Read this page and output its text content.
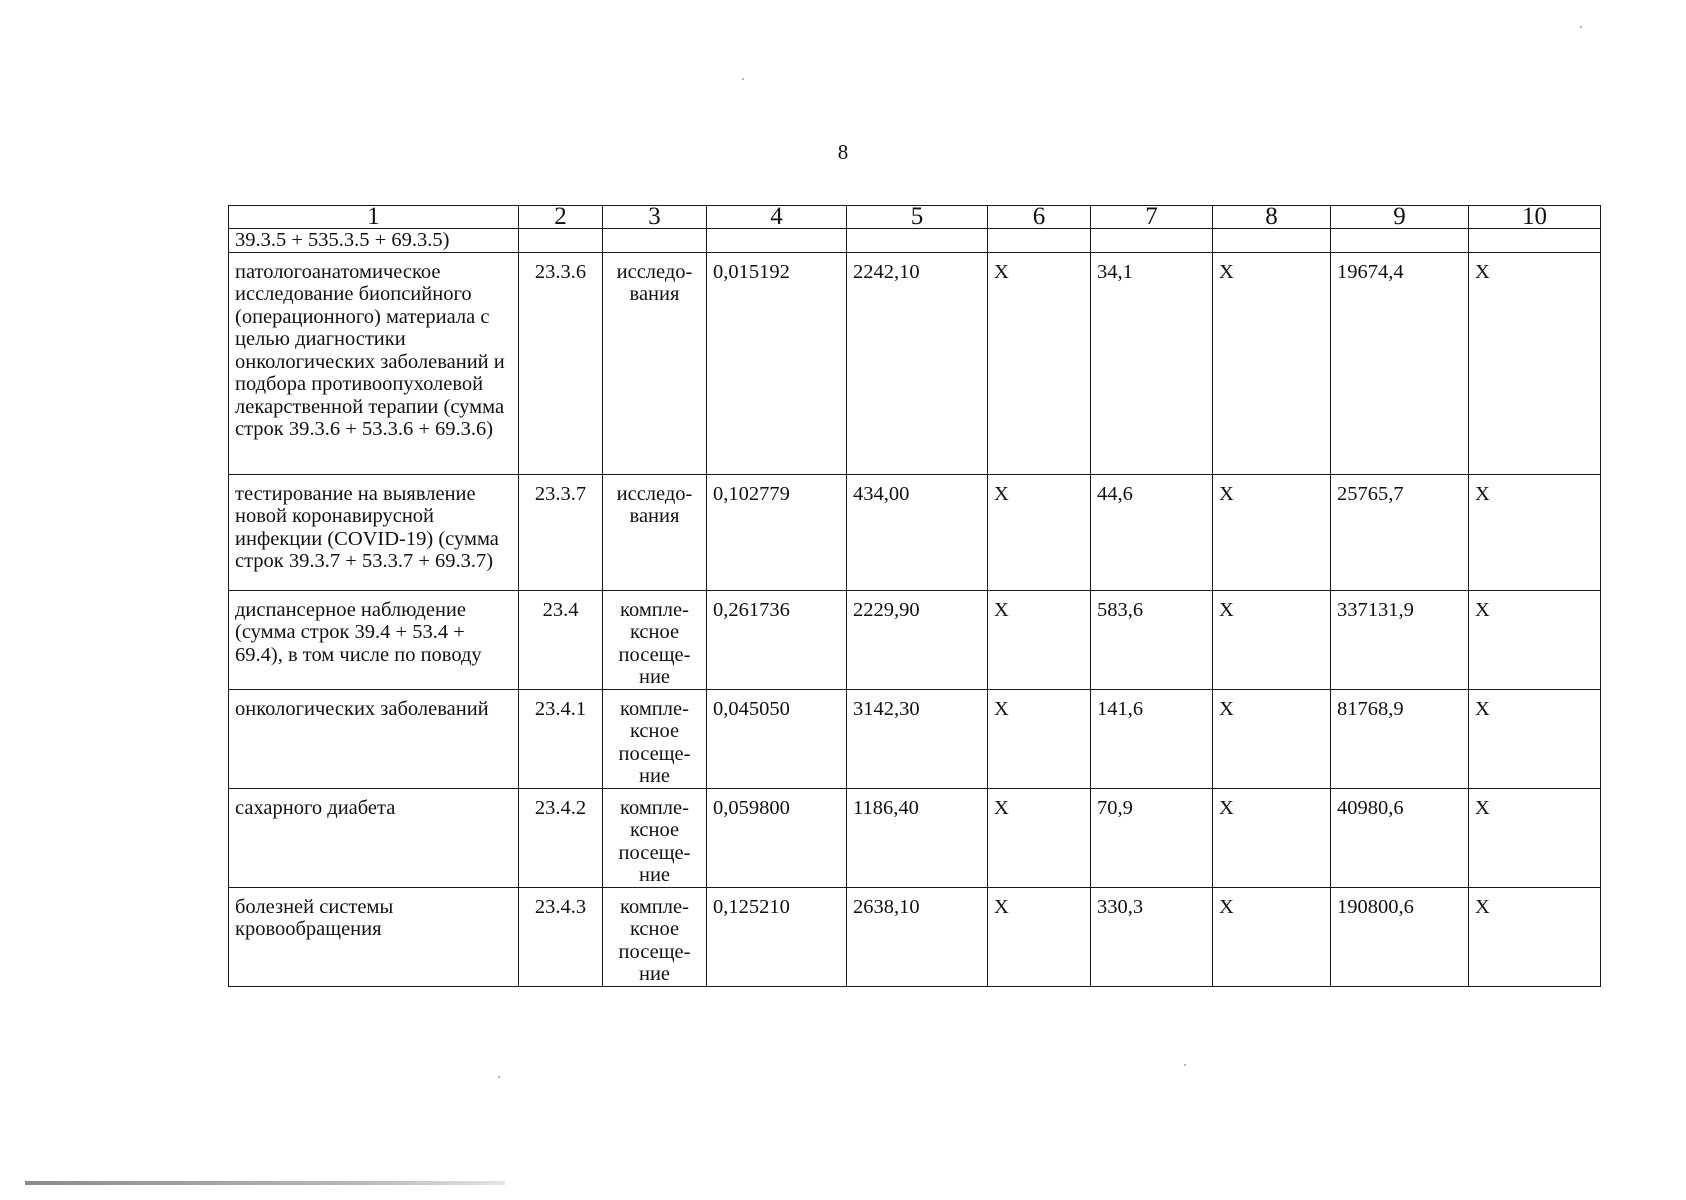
8
1	2	3	4	5	6	7	8	9	10
39.3.5 + 535.3.5 + 69.3.5)									
патологоанатомическое исследование биопсийного (операционного) материала с целью диагностики онкологических заболеваний и подбора противоопухолевой лекарственной терапии (сумма строк 39.3.6 + 53.3.6 + 69.3.6)	23.3.6	исследо-вания	0,015192	2242,10	X	34,1	X	19674,4	X
тестирование на выявление новой коронавирусной инфекции (COVID-19) (сумма строк 39.3.7 + 53.3.7 + 69.3.7)	23.3.7	исследо-вания	0,102779	434,00	X	44,6	X	25765,7	X
диспансерное наблюдение (сумма строк 39.4 + 53.4 + 69.4), в том числе по поводу	23.4	компле-ксное посеще-ние	0,261736	2229,90	X	583,6	X	337131,9	X
онкологических заболеваний	23.4.1	компле-ксное посеще-ние	0,045050	3142,30	X	141,6	X	81768,9	X
сахарного диабета	23.4.2	компле-ксное посеще-ние	0,059800	1186,40	X	70,9	X	40980,6	X
болезней системы кровообращения	23.4.3	компле-ксное посеще-ние	0,125210	2638,10	X	330,3	X	190800,6	X
